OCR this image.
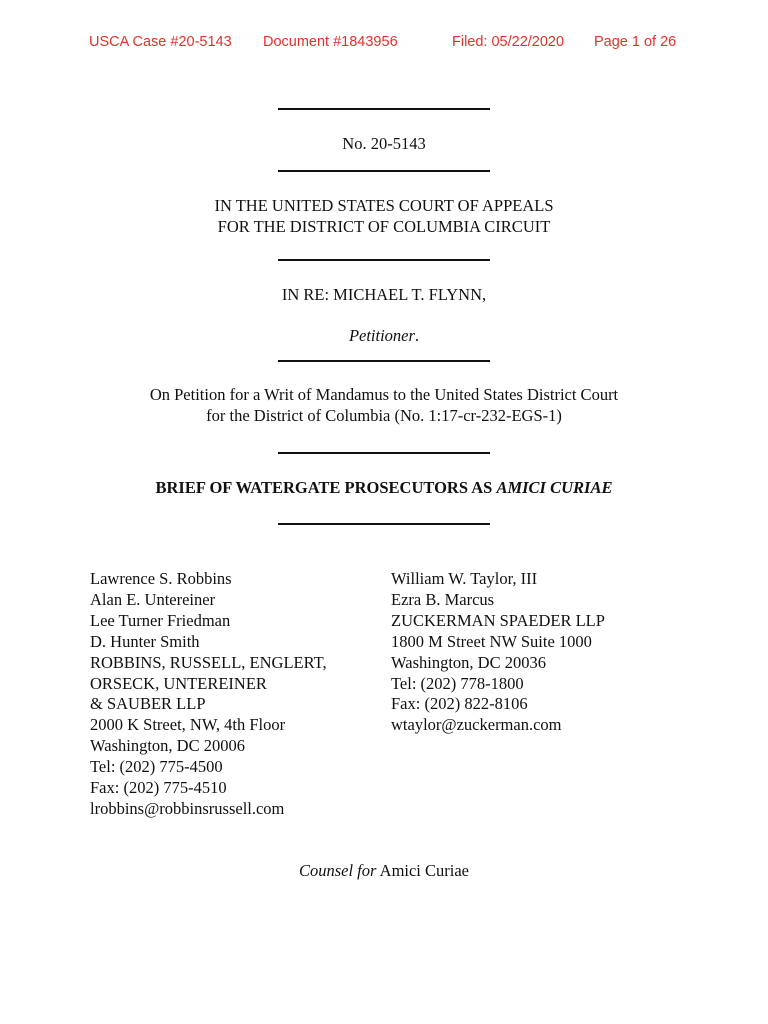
USCA Case #20-5143 Document #1843956	Filed: 05/22/2020 Page 1 of 26
No. 20-5143
IN THE UNITED STATES COURT OF APPEALS
FOR THE DISTRICT OF COLUMBIA CIRCUIT
IN RE: MICHAEL T. FLYNN,
Petitioner.
On Petition for a Writ of Mandamus to the United States District Court
for the District of Columbia (No. 1:17-cr-232-EGS-1)
BRIEF OF WATERGATE PROSECUTORS AS AMICI CURIAE
Lawrence S. Robbins
Alan E. Untereiner
Lee Turner Friedman
D. Hunter Smith
ROBBINS, RUSSELL, ENGLERT,
ORSECK, UNTEREINER
& SAUBER LLP
2000 K Street, NW, 4th Floor
Washington, DC 20006
Tel: (202) 775-4500
Fax: (202) 775-4510
lrobbins@robbinsrussell.com
William W. Taylor, III
Ezra B. Marcus
ZUCKERMAN SPAEDER LLP
1800 M Street NW Suite 1000
Washington, DC 20036
Tel: (202) 778-1800
Fax: (202) 822-8106
wtaylor@zuckerman.com
Counsel for Amici Curiae
